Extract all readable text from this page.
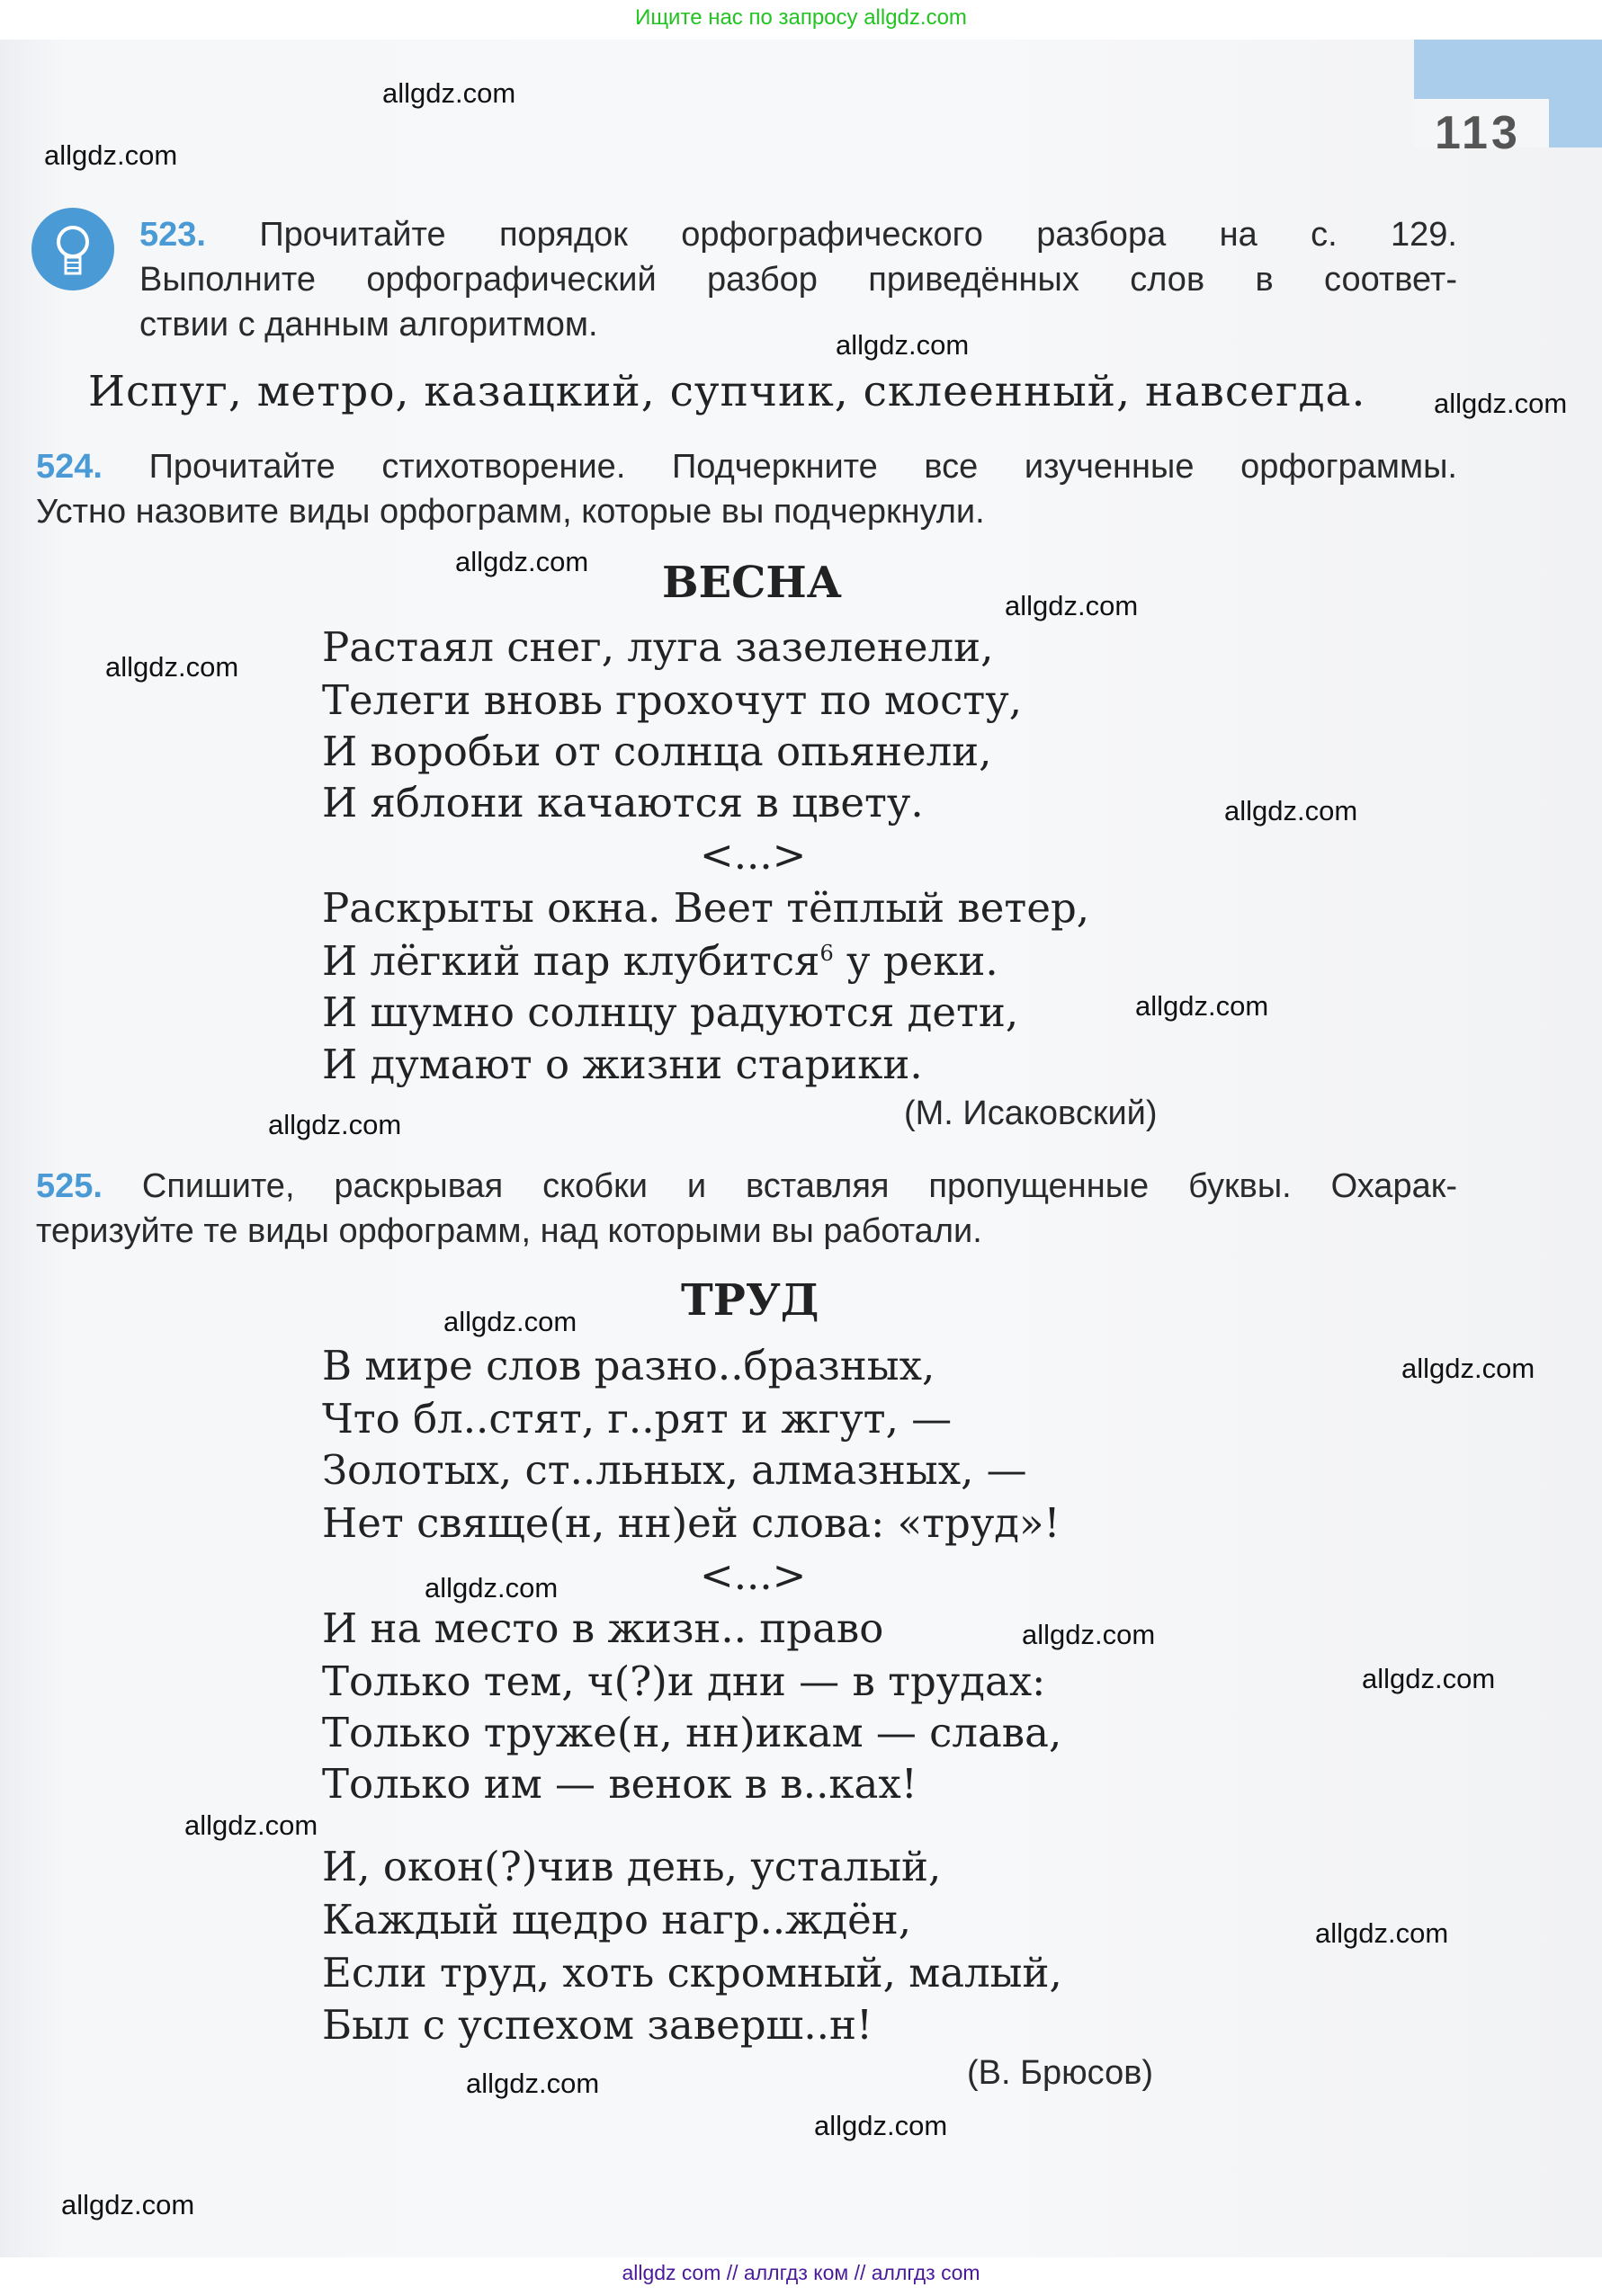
Ищите нас по запросу allgdz.com
113
523. Прочитайте порядок орфографического разбора на с. 129.
Выполните орфографический разбор приведённых слов в соответ-
ствии с данным алгоритмом.
Испуг, метро, казацкий, супчик, склеенный, навсегда.
524. Прочитайте стихотворение. Подчеркните все изученные орфограммы.
Устно назовите виды орфограмм, которые вы подчеркнули.
ВЕСНА
Растаял снег, луга зазеленели,
Телеги вновь грохочут по мосту,
И воробьи от солнца опьянели,
И яблони качаются в цвету.
<...>
Раскрыты окна. Веет тёплый ветер,
И лёгкий пар клубится$^6$ у реки.
И шумно солнцу радуются дети,
И думают о жизни старики.
(М. Исаковский)
525. Спишите, раскрывая скобки и вставляя пропущенные буквы. Охарак-
теризуйте те виды орфограмм, над которыми вы работали.
ТРУД
В мире слов разно..бразных,
Что бл..стят, г..рят и жгут, —
Золотых, ст..льных, алмазных, —
Нет свяще(н, нн)ей слова: «труд»!
<...>
И на место в жизн.. право
Только тем, ч(?)и дни — в трудах:
Только труже(н, нн)икам — слава,
Только им — венок в в..ках!
И, окон(?)чив день, усталый,
Каждый щедро нагр..ждён,
Если труд, хоть скромный, малый,
Был с успехом заверш..н!
(В. Брюсов)
allgdz.com
allgdz.com
allgdz.com
allgdz.com
allgdz.com
allgdz.com
allgdz.com
allgdz.com
allgdz.com
allgdz.com
allgdz.com
allgdz.com
allgdz.com
allgdz.com
allgdz.com
allgdz.com
allgdz.com
allgdz.com
allgdz.com
allgdz.com
allgdz com // аллгдз ком // аллгдз com
